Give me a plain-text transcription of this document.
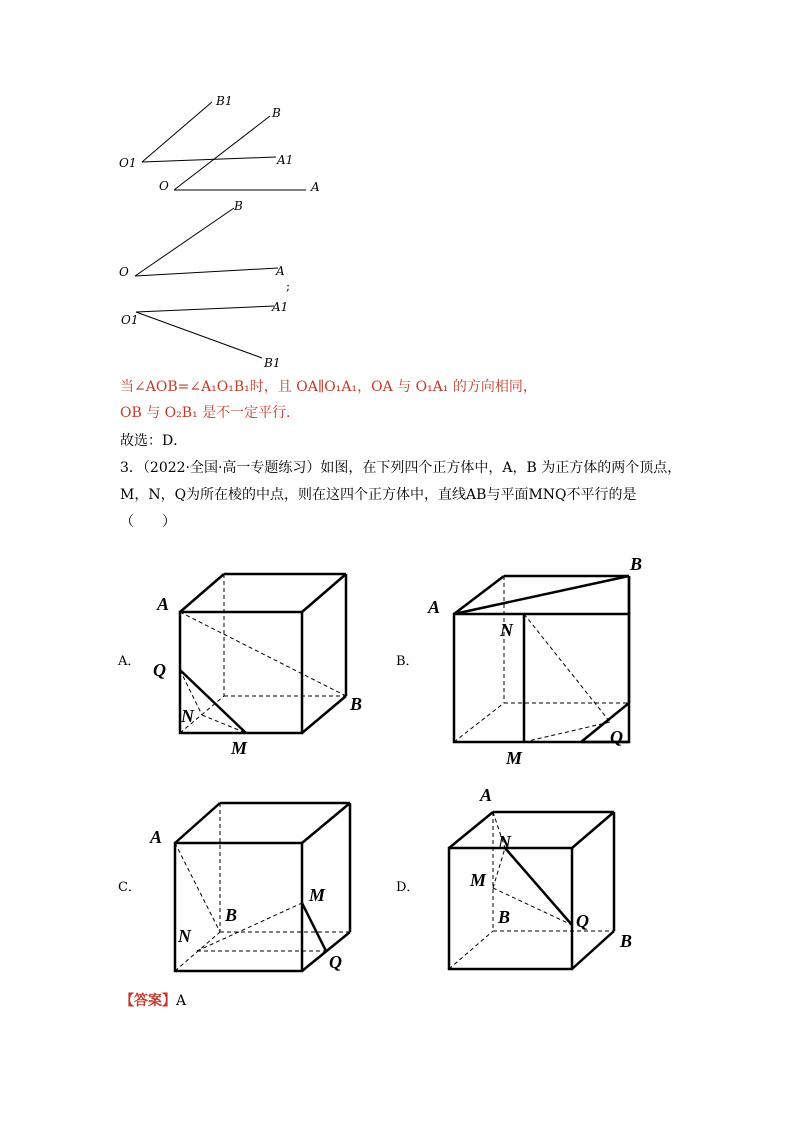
B1
B
O1	A1
O	A
B
O	A
;
A1
O1
B1
当∠AOB=∠A₁O₁B₁时，且 OA∥O₁A₁，OA 与 O₁A₁ 的方向相同，
OB 与 O₂B₁ 是不一定平行．
故选：D．
3．（2022·全国·高一专题练习）如图，在下列四个正方体中，A，B 为正方体的两个顶点，
M，N，Q为所在棱的中点，则在这四个正方体中，直线AB与平面MNQ不平行的是
（　　）
A．
A
B
Q
N
M
B．
A
B
N
M
Q
C．
A
B
M
N
Q
D．
A
N
M
B	Q
B
【答案】A
